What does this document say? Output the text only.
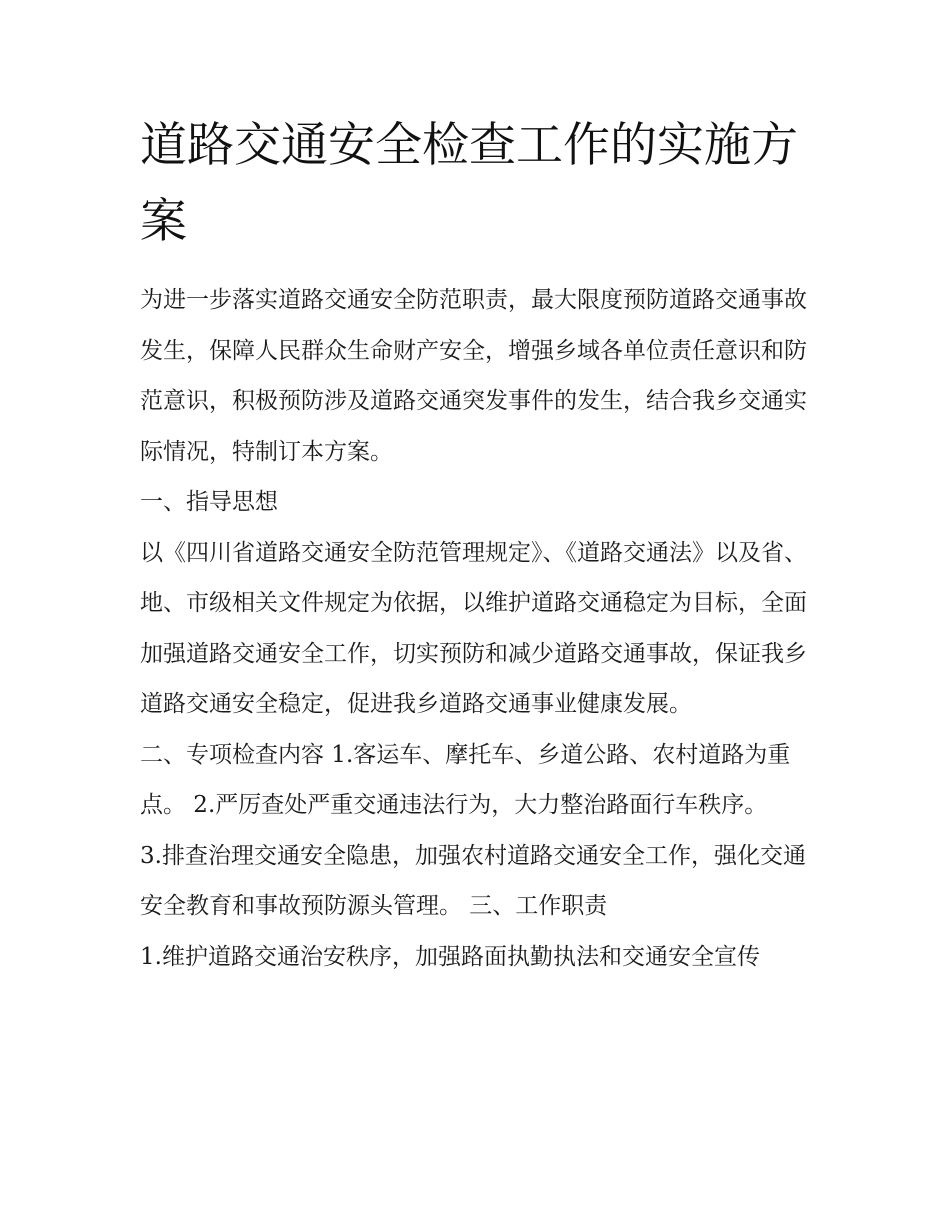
道路交通安全检查工作的实施方案

为进一步落实道路交通安全防范职责，最大限度预防道路交通事故发生，保障人民群众生命财产安全，增强乡域各单位责任意识和防范意识，积极预防涉及道路交通突发事件的发生，结合我乡交通实际情况，特制订本方案。

一、指导思想

以《四川省道路交通安全防范管理规定》、《道路交通法》以及省、地、市级相关文件规定为依据，以维护道路交通稳定为目标，全面加强道路交通安全工作，切实预防和减少道路交通事故，保证我乡道路交通安全稳定，促进我乡道路交通事业健康发展。

二、专项检查内容 1.客运车、摩托车、乡道公路、农村道路为重点。 2.严厉查处严重交通违法行为，大力整治路面行车秩序。

3.排查治理交通安全隐患，加强农村道路交通安全工作，强化交通安全教育和事故预防源头管理。 三、工作职责

1.维护道路交通治安秩序，加强路面执勤执法和交通安全宣传
